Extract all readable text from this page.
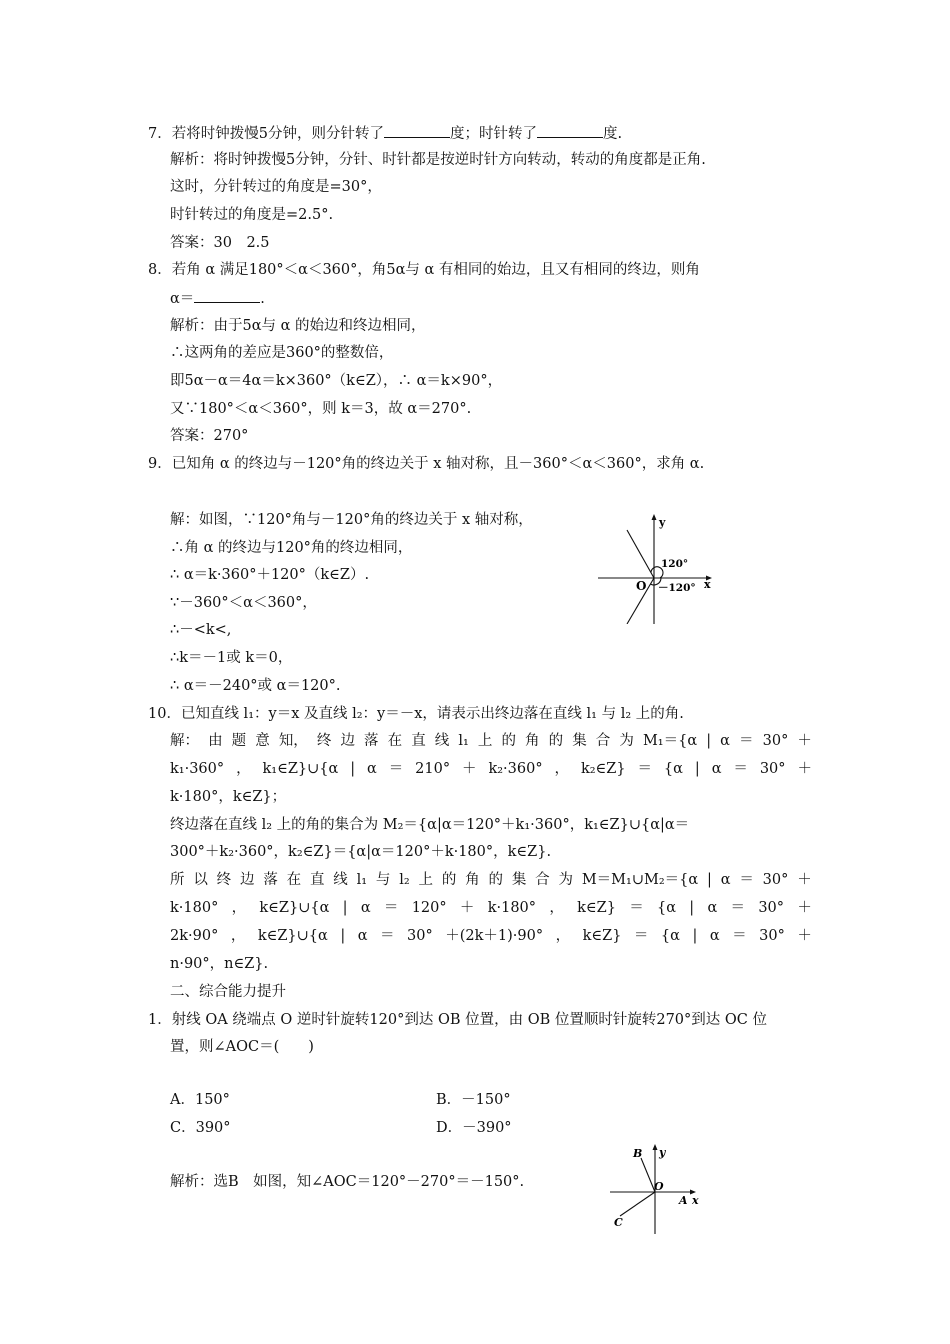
7．若将时钟拨慢5分钟，则分针转了	度；时针转了	度.
解析：将时钟拨慢5分钟，分针、时针都是按逆时针方向转动，转动的角度都是正角.
这时，分针转过的角度是=30°，
时针转过的角度是=2.5°.
答案：30　2.5
8．若角 α 满足180°＜α＜360°，角5α与 α 有相同的始边，且又有相同的终边，则角
α＝	.
解析：由于5α与 α 的始边和终边相同，
∴这两角的差应是360°的整数倍，
即5α－α＝4α＝k×360°（k∈Z），∴ α＝k×90°，
又∵180°＜α＜360°，则 k＝3，故 α＝270°.
答案：270°
9．已知角 α 的终边与－120°角的终边关于 x 轴对称，且－360°＜α＜360°，求角 α.
解：如图，∵120°角与－120°角的终边关于 x 轴对称，
∴角 α 的终边与120°角的终边相同，
∴ α＝k·360°＋120°（k∈Z）.
∵－360°＜α＜360°，
∴－<k<,
∴k＝－1或 k＝0，
∴ α＝－240°或 α＝120°.
y
x
O
120°
－120°
10．已知直线 l₁：y＝x 及直线 l₂：y＝－x，请表示出终边落在直线 l₁ 与 l₂ 上的角.
解： 由 题 意 知， 终 边 落 在 直 线 l₁ 上 的 角 的 集 合 为 M₁＝{α | α ＝ 30° ＋
k₁·360° ， k₁∈Z}∪{α | α ＝ 210° ＋ k₂·360° ， k₂∈Z} ＝ {α | α ＝ 30° ＋
k·180°，k∈Z}；
终边落在直线 l₂ 上的角的集合为 M₂＝{α|α＝120°＋k₁·360°，k₁∈Z}∪{α|α＝
300°＋k₂·360°，k₂∈Z}＝{α|α＝120°＋k·180°，k∈Z}.
所 以 终 边 落 在 直 线 l₁ 与 l₂ 上 的 角 的 集 合 为 M＝M₁∪M₂＝{α | α ＝ 30° ＋
k·180° ， k∈Z}∪{α | α ＝ 120° ＋ k·180° ， k∈Z} ＝ {α | α ＝ 30° ＋
2k·90° ， k∈Z}∪{α | α ＝ 30° ＋(2k＋1)·90° ， k∈Z} ＝ {α | α ＝ 30° ＋
n·90°，n∈Z}.
二、综合能力提升
1．射线 OA 绕端点 O 逆时针旋转120°到达 OB 位置，由 OB 位置顺时针旋转270°到达 OC 位
置，则∠AOC＝(　　)
A．150°	B．－150°
C．390°	D．－390°
解析：选B　如图，知∠AOC＝120°－270°＝－150°.
y
x
O
A
B
C
